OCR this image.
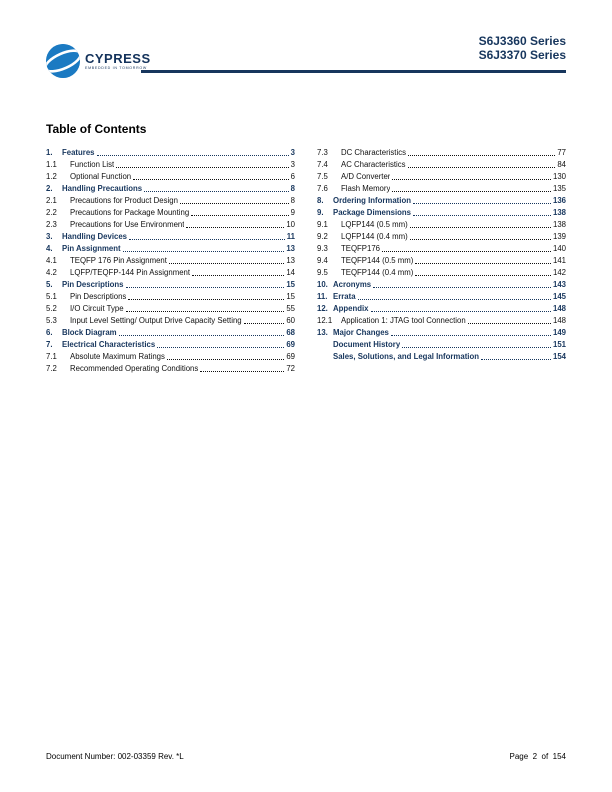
CYPRESS
EMBEDDED IN TOMORROW
S6J3360 Series
S6J3370 Series
Table of Contents
1.	Features	3
1.1	Function List	3
1.2	Optional Function	6
2.	Handling Precautions	8
2.1	Precautions for Product Design	8
2.2	Precautions for Package Mounting	9
2.3	Precautions for Use Environment	10
3.	Handling Devices	11
4.	Pin Assignment	13
4.1	TEQFP 176 Pin Assignment	13
4.2	LQFP/TEQFP-144 Pin Assignment	14
5.	Pin Descriptions	15
5.1	Pin Descriptions	15
5.2	I/O Circuit Type	55
5.3	Input Level Setting/ Output Drive Capacity Setting	60
6.	Block Diagram	68
7.	Electrical Characteristics	69
7.1	Absolute Maximum Ratings	69
7.2	Recommended Operating Conditions	72
7.3	DC Characteristics	77
7.4	AC Characteristics	84
7.5	A/D Converter	130
7.6	Flash Memory	135
8.	Ordering Information	136
9.	Package Dimensions	138
9.1	LQFP144 (0.5 mm)	138
9.2	LQFP144 (0.4 mm)	139
9.3	TEQFP176	140
9.4	TEQFP144 (0.5 mm)	141
9.5	TEQFP144 (0.4 mm)	142
10. Acronyms	143
11. Errata	145
12. Appendix	148
12.1	Application 1: JTAG tool Connection	148
13. Major Changes	149
Document History	151
Sales, Solutions, and Legal Information	154
Document Number: 002-03359 Rev. *L	Page  2  of  154
